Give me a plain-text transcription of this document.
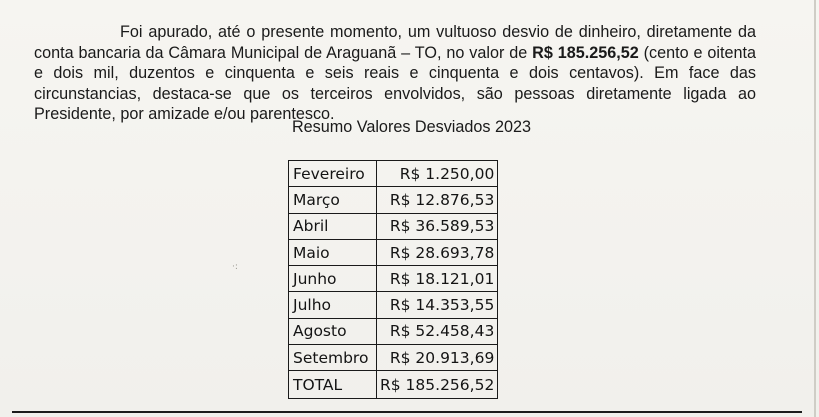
Foi apurado, até o presente momento, um vultuoso desvio de dinheiro, diretamente da conta bancaria da Câmara Municipal de Araguanã – TO, no valor de R$ 185.256,52 (cento e oitenta e dois mil, duzentos e cinquenta e seis reais e cinquenta e dois centavos). Em face das circunstancias, destaca-se que os terceiros envolvidos, são pessoas diretamente ligada ao Presidente, por amizade e/ou parentesco.

Resumo Valores Desviados 2023
Fevereiro	R$ 1.250,00
Março	R$ 12.876,53
Abril	R$ 36.589,53
Maio	R$ 28.693,78
Junho	R$ 18.121,01
Julho	R$ 14.353,55
Agosto	R$ 52.458,43
Setembro	R$ 20.913,69
TOTAL	R$ 185.256,52
·:
